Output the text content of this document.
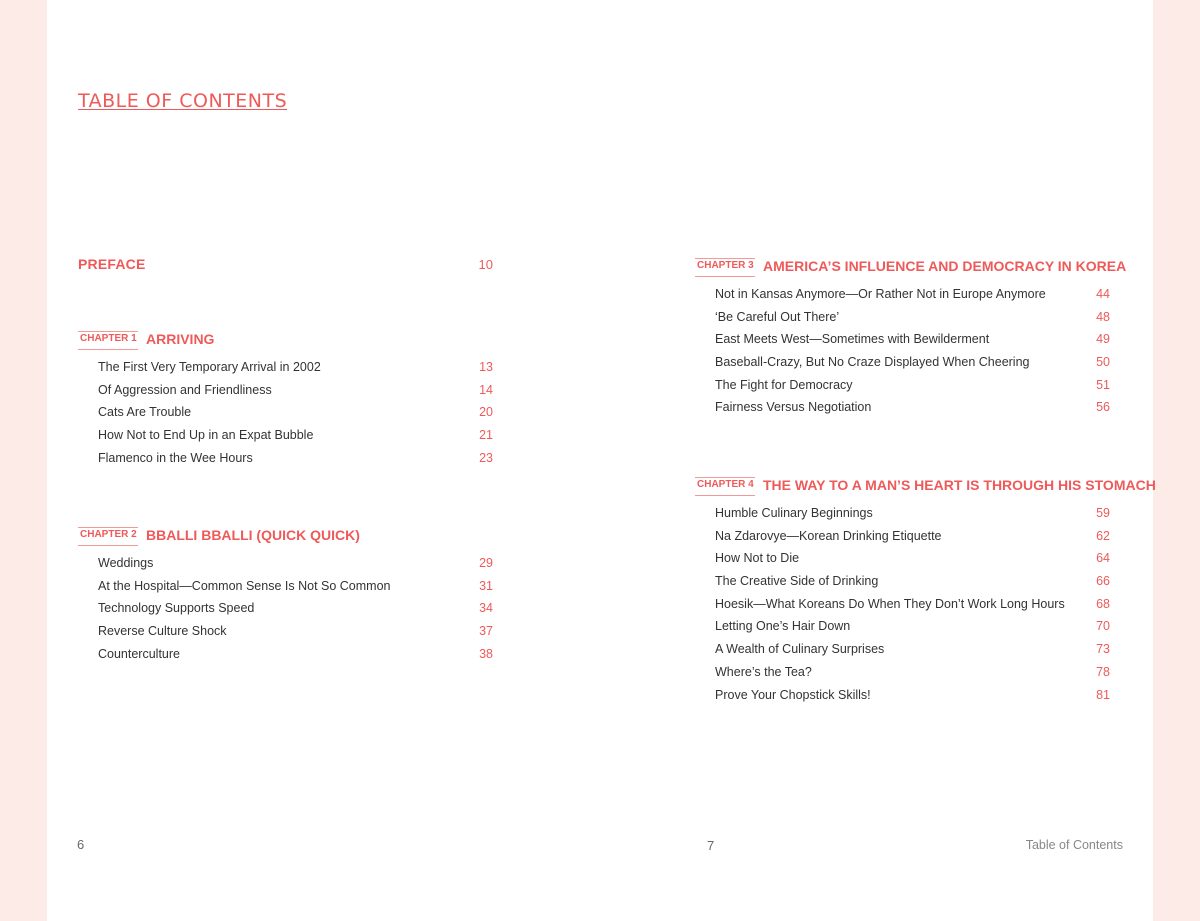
TABLE OF CONTENTS
PREFACE	10
CHAPTER 1 ARRIVING
The First Very Temporary Arrival in 2002	13
Of Aggression and Friendliness	14
Cats Are Trouble	20
How Not to End Up in an Expat Bubble	21
Flamenco in the Wee Hours	23
CHAPTER 2 BBALLI BBALLI (QUICK QUICK)
Weddings	29
At the Hospital—Common Sense Is Not So Common	31
Technology Supports Speed	34
Reverse Culture Shock	37
Counterculture	38
CHAPTER 3 AMERICA’S INFLUENCE AND DEMOCRACY IN KOREA
Not in Kansas Anymore—Or Rather Not in Europe Anymore	44
‘Be Careful Out There’	48
East Meets West—Sometimes with Bewilderment	49
Baseball-Crazy, But No Craze Displayed When Cheering	50
The Fight for Democracy	51
Fairness Versus Negotiation	56
CHAPTER 4 THE WAY TO A MAN’S HEART IS THROUGH HIS STOMACH
Humble Culinary Beginnings	59
Na Zdarovye—Korean Drinking Etiquette	62
How Not to Die	64
The Creative Side of Drinking	66
Hoesik—What Koreans Do When They Don’t Work Long Hours	68
Letting One’s Hair Down	70
A Wealth of Culinary Surprises	73
Where’s the Tea?	78
Prove Your Chopstick Skills!	81
6	7	Table of Contents
